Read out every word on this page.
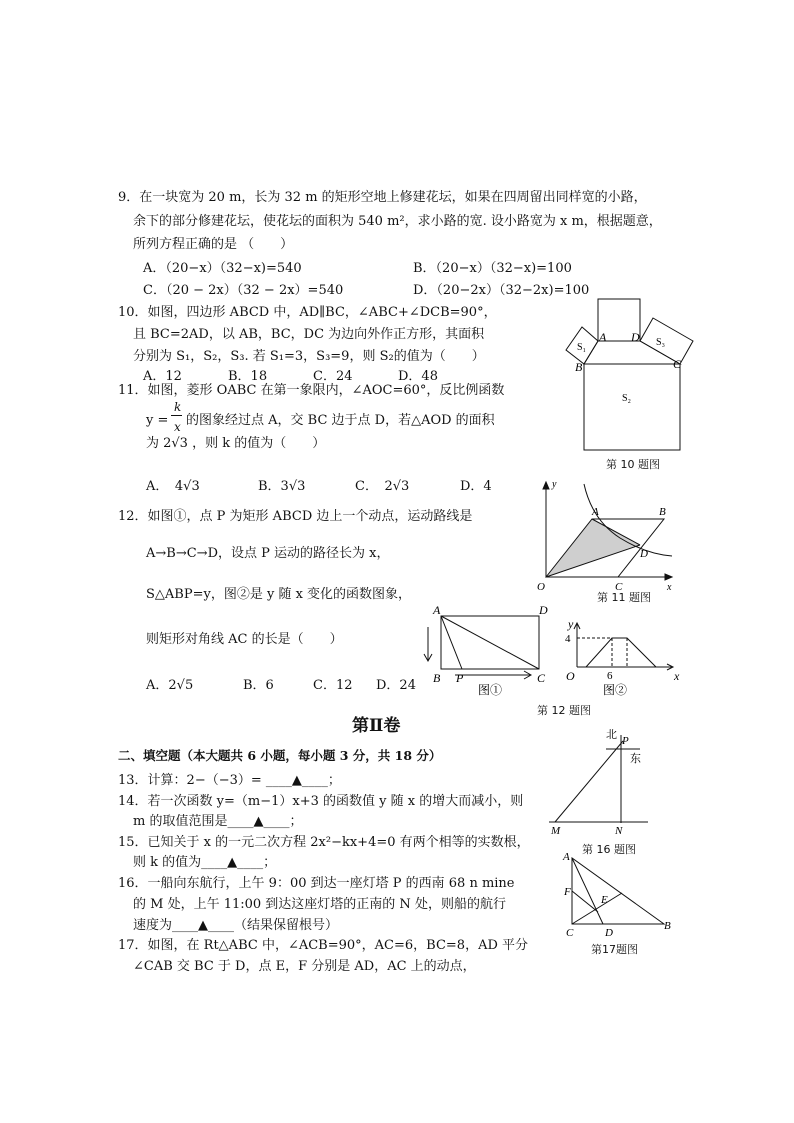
9．在一块宽为 20 m，长为 32 m 的矩形空地上修建花坛，如果在四周留出同样宽的小路，
余下的部分修建花坛，使花坛的面积为 540 m²，求小路的宽. 设小路宽为 x m，根据题意，
所列方程正确的是 （　　）
A．（20−x）（32−x)=540	B．（20−x）（32−x)=100
C．（20 − 2x）（32 − 2x）=540	D．（20−2x）（32−2x)=100
10．如图，四边形 ABCD 中，AD∥BC，∠ABC+∠DCB=90°，
且 BC=2AD，以 AB，BC，DC 为边向外作正方形，其面积
分别为 S₁，S₂，S₃. 若 S₁=3，S₃=9，则 S₂的值为（　　）
A．12	B．18	C．24	D．48
A D
B	C
S₁	S₃
S₂
第 10 题图
11．如图，菱形 OABC 在第一象限内，∠AOC=60°，反比例函数
y =
k
x 的图象经过点 A，交 BC 边于点 D，若△AOD 的面积
为 2√3 ，则 k 的值为（　　）
A．　4√3	B．3√3	C．　2√3	D．4	y
x
O
A	B
C
D
第 11 题图
12．如图①，点 P 为矩形 ABCD 边上一个动点，运动路线是
A→B→C→D，设点 P 运动的路径长为 x，
S△ABP=y，图②是 y 随 x 变化的函数图象，
则矩形对角线 AC 的长是（　　）
A．2√5	B．6	C．12 D．24
A	D
B P	C
图①
y
x
O
4
6
图②
第 12 题图
第Ⅱ卷
二、填空题（本大题共 6 小题，每小题 3 分，共 18 分）
13．计算：2−（−3）= ____▲____；
14．若一次函数 y=（m−1）x+3 的函数值 y 随 x 的增大而减小，则
m 的取值范围是____▲____；
15．已知关于 x 的一元二次方程 2x²−kx+4=0 有两个相等的实数根，
则 k 的值为____▲____；
16．一船向东航行，上午 9：00 到达一座灯塔 P 的西南 68 n mine
的 M 处，上午 11:00 到达这座灯塔的正南的 N 处，则船的航行
速度为____▲____（结果保留根号）
北 P
东
M	N
第 16 题图
17．如图，在 Rt△ABC 中，∠ACB=90°，AC=6，BC=8，AD 平分
∠CAB 交 BC 于 D，点 E，F 分别是 AD，AC 上的动点，
A
B
C	D
E
F
第17题图
